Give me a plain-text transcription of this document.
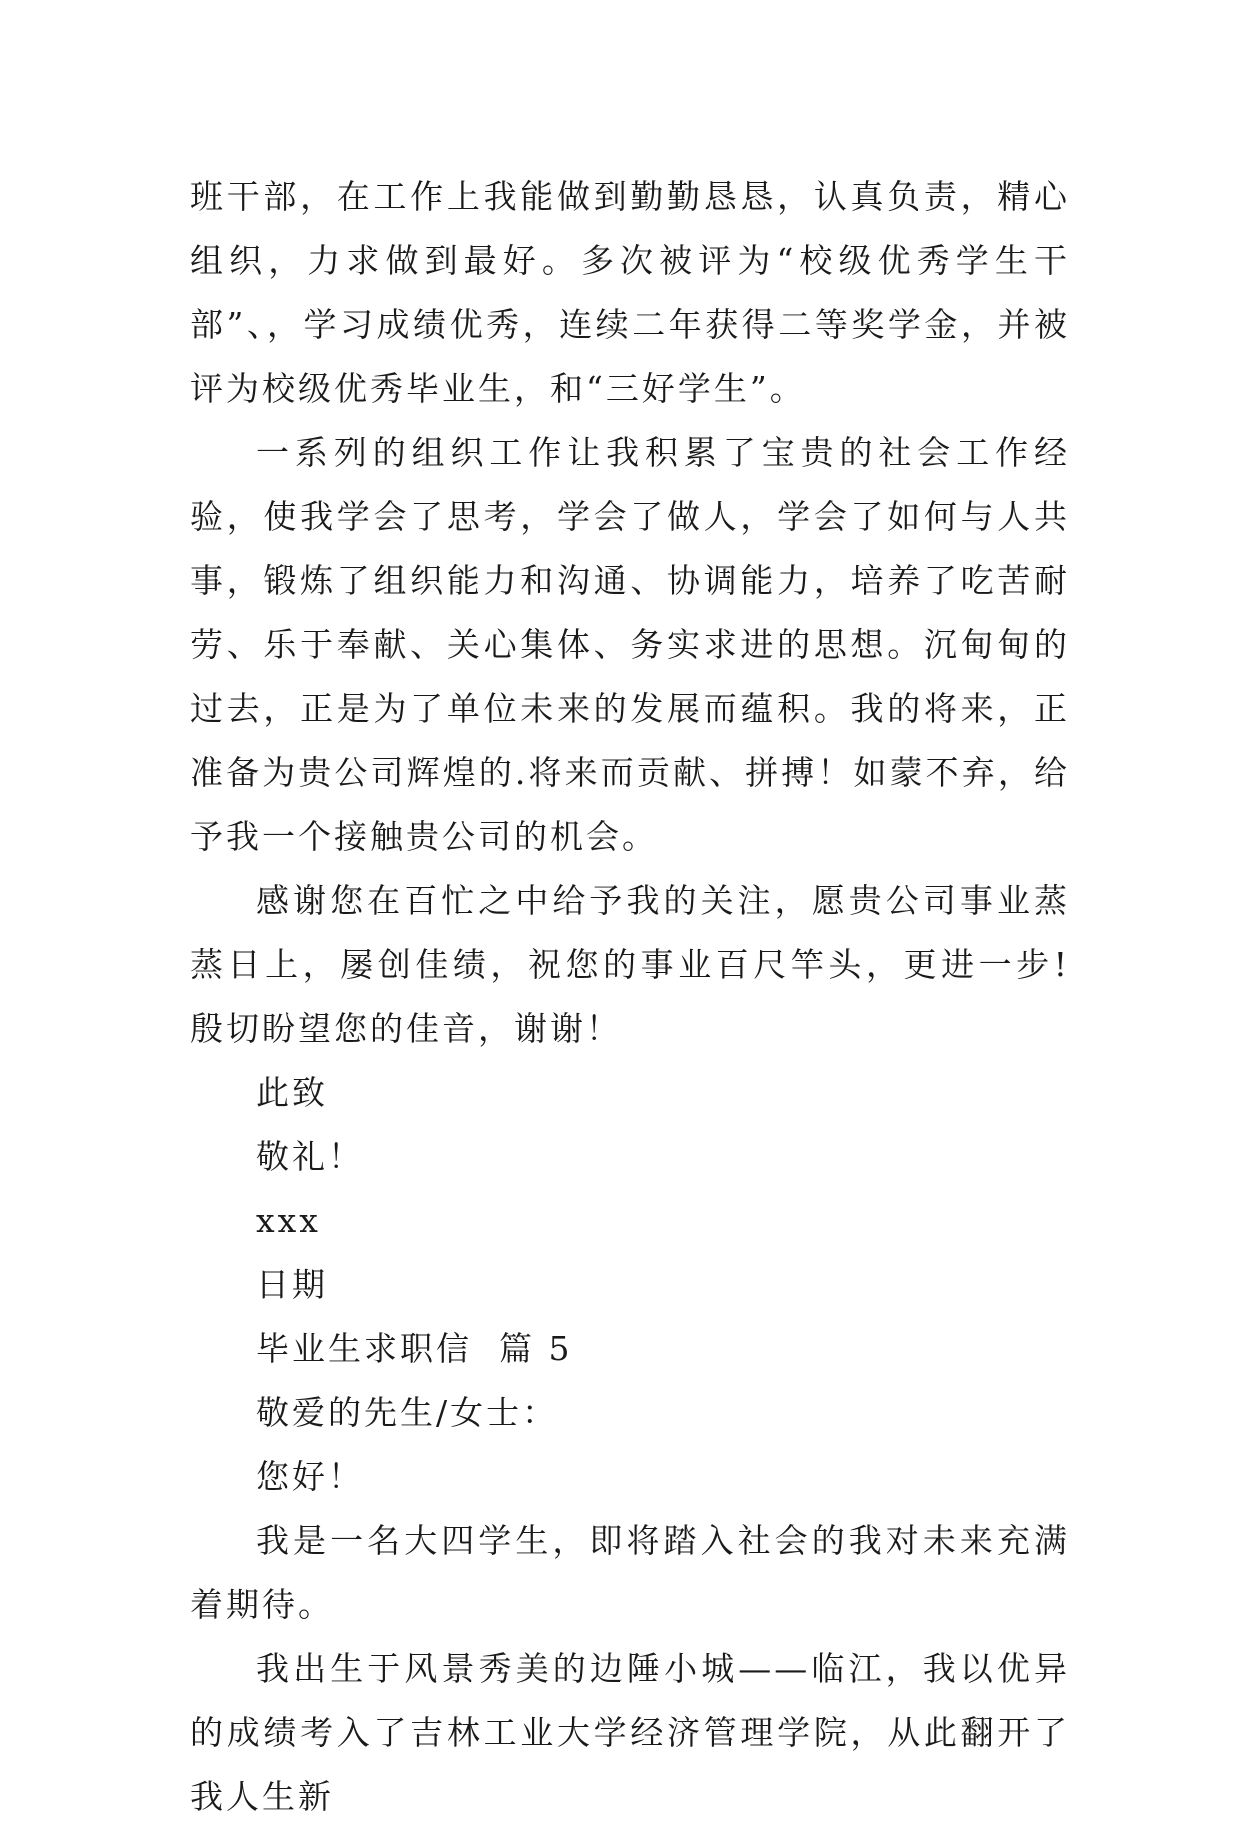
班干部，在工作上我能做到勤勤恳恳，认真负责，精心组织，力求做到最好。多次被评为“校级优秀学生干部”、，学习成绩优秀，连续二年获得二等奖学金，并被评为校级优秀毕业生，和“三好学生”。

一系列的组织工作让我积累了宝贵的社会工作经验，使我学会了思考，学会了做人，学会了如何与人共事，锻炼了组织能力和沟通、协调能力，培养了吃苦耐劳、乐于奉献、关心集体、务实求进的思想。沉甸甸的过去，正是为了单位未来的发展而蕴积。我的将来，正准备为贵公司辉煌的.将来而贡献、拼搏！如蒙不弃，给予我一个接触贵公司的机会。

感谢您在百忙之中给予我的关注，愿贵公司事业蒸蒸日上，屡创佳绩，祝您的事业百尺竿头，更进一步!殷切盼望您的佳音，谢谢！

此致

敬礼！

xxx

日期

毕业生求职信  篇 5

敬爱的先生/女士：

您好！

我是一名大四学生，即将踏入社会的我对未来充满着期待。

我出生于风景秀美的边陲小城——临江，我以优异的成绩考入了吉林工业大学经济管理学院，从此翻开了我人生新
